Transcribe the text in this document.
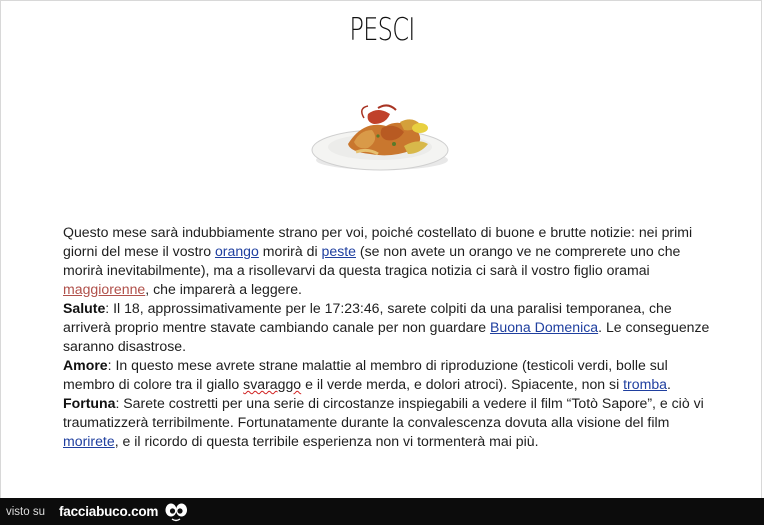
PESCI

Questo mese sarà indubbiamente strano per voi, poiché costellato di buone e brutte notizie: nei primi giorni del mese il vostro orango morirà di peste (se non avete un orango ve ne comprerete uno che morirà inevitabilmente), ma a risollevarvi da questa tragica notizia ci sarà il vostro figlio oramai maggiorenne, che imparerà a leggere.

Salute: Il 18, approssimativamente per le 17:23:46, sarete colpiti da una paralisi temporanea, che arriverà proprio mentre stavate cambiando canale per non guardare Buona Domenica. Le conseguenze saranno disastrose.

Amore: In questo mese avrete strane malattie al membro di riproduzione (testicoli verdi, bolle sul membro di colore tra il giallo svaraggo e il verde merda, e dolori atroci). Spiacente, non si tromba.

Fortuna: Sarete costretti per una serie di circostanze inspiegabili a vedere il film “Totò Sapore”, e ciò vi traumatizzerà terribilmente. Fortunatamente durante la convalescenza dovuta alla visione del film morirete, e il ricordo di questa terribile esperienza non vi tormenterà mai più.

visto su facciabuco.com
